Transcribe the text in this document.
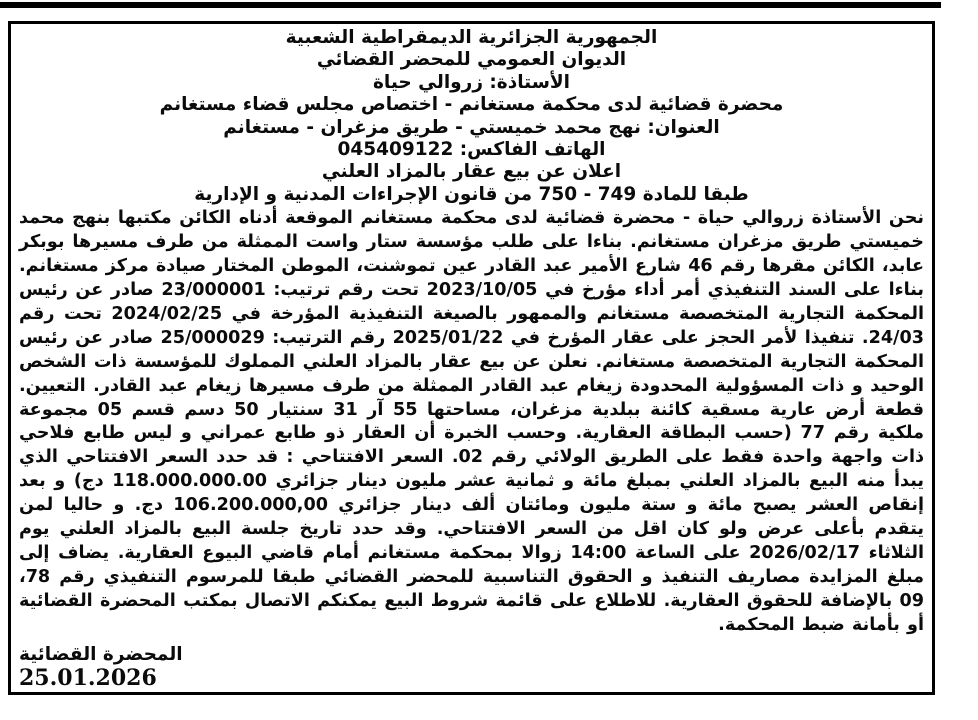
الجمهورية الجزائرية الديمقراطية الشعبية
الديوان العمومي للمحضر القضائي
الأستاذة: زروالي حياة
محضرة قضائية لدى محكمة مستغانم - اختصاص مجلس قضاء مستغانم
العنوان: نهج محمد خميستي - طريق مزغران - مستغانم
الهاتف الفاكس: 045409122
اعلان عن بيع عقار بالمزاد العلني
طبقا للمادة 749 - 750 من قانون الإجراءات المدنية و الإدارية
نحن الأستاذة زروالي حياة - محضرة قضائية لدى محكمة مستغانم الموقعة أدناه الكائن مكتبها بنهج محمد خميستي طريق مزغران مستغانم. بناءا على طلب مؤسسة ستار واست الممثلة من طرف مسيرها بوبكر عابد، الكائن مقرها رقم 46 شارع الأمير عبد القادر عين تموشنت، الموطن المختار صيادة مركز مستغانم. بناءا على السند التنفيذي أمر أداء مؤرخ في 2023/10/05 تحت رقم ترتيب: 23/000001 صادر عن رئيس المحكمة التجارية المتخصصة مستغانم والممهور بالصيغة التنفيذية المؤرخة في 2024/02/25 تحت رقم 24/03. تنفيذا لأمر الحجز على عقار المؤرخ في 2025/01/22 رقم الترتيب: 25/000029 صادر عن رئيس المحكمة التجارية المتخصصة مستغانم. نعلن عن بيع عقار بالمزاد العلني المملوك للمؤسسة ذات الشخص الوحيد و ذات المسؤولية المحدودة زيغام عبد القادر الممثلة من طرف مسيرها زيغام عبد القادر. التعيين. قطعة أرض عارية مسقية كائنة ببلدية مزغران، مساحتها 55 آر 31 سنتيار 50 دسم قسم 05 مجموعة ملكية رقم 77 (حسب البطاقة العقارية. وحسب الخبرة أن العقار ذو طابع عمراني و ليس طابع فلاحي ذات واجهة واحدة فقط على الطريق الولائي رقم 02. السعر الافتتاحي : قد حدد السعر الافتتاحي الذي يبدأ منه البيع بالمزاد العلني بمبلغ مائة و ثمانية عشر مليون دينار جزائري 118.000.000.00 دج) و بعد إنقاص العشر يصبح مائة و ستة مليون ومائتان ألف دينار جزائري 106.200.000,00 دج. و حاليا لمن يتقدم بأعلى عرض ولو كان اقل من السعر الافتتاحي. وقد حدد تاريخ جلسة البيع بالمزاد العلني يوم الثلاثاء 2026/02/17 على الساعة 14:00 زوالا بمحكمة مستغانم أمام قاضي البيوع العقارية. يضاف إلى مبلغ المزايدة مصاريف التنفيذ و الحقوق التناسبية للمحضر القضائي طبقا للمرسوم التنفيذي رقم 78، 09 بالإضافة للحقوق العقارية. للاطلاع على قائمة شروط البيع يمكنكم الاتصال بمكتب المحضرة القضائية أو بأمانة ضبط المحكمة.
المحضرة القضائية
25.01.2026
